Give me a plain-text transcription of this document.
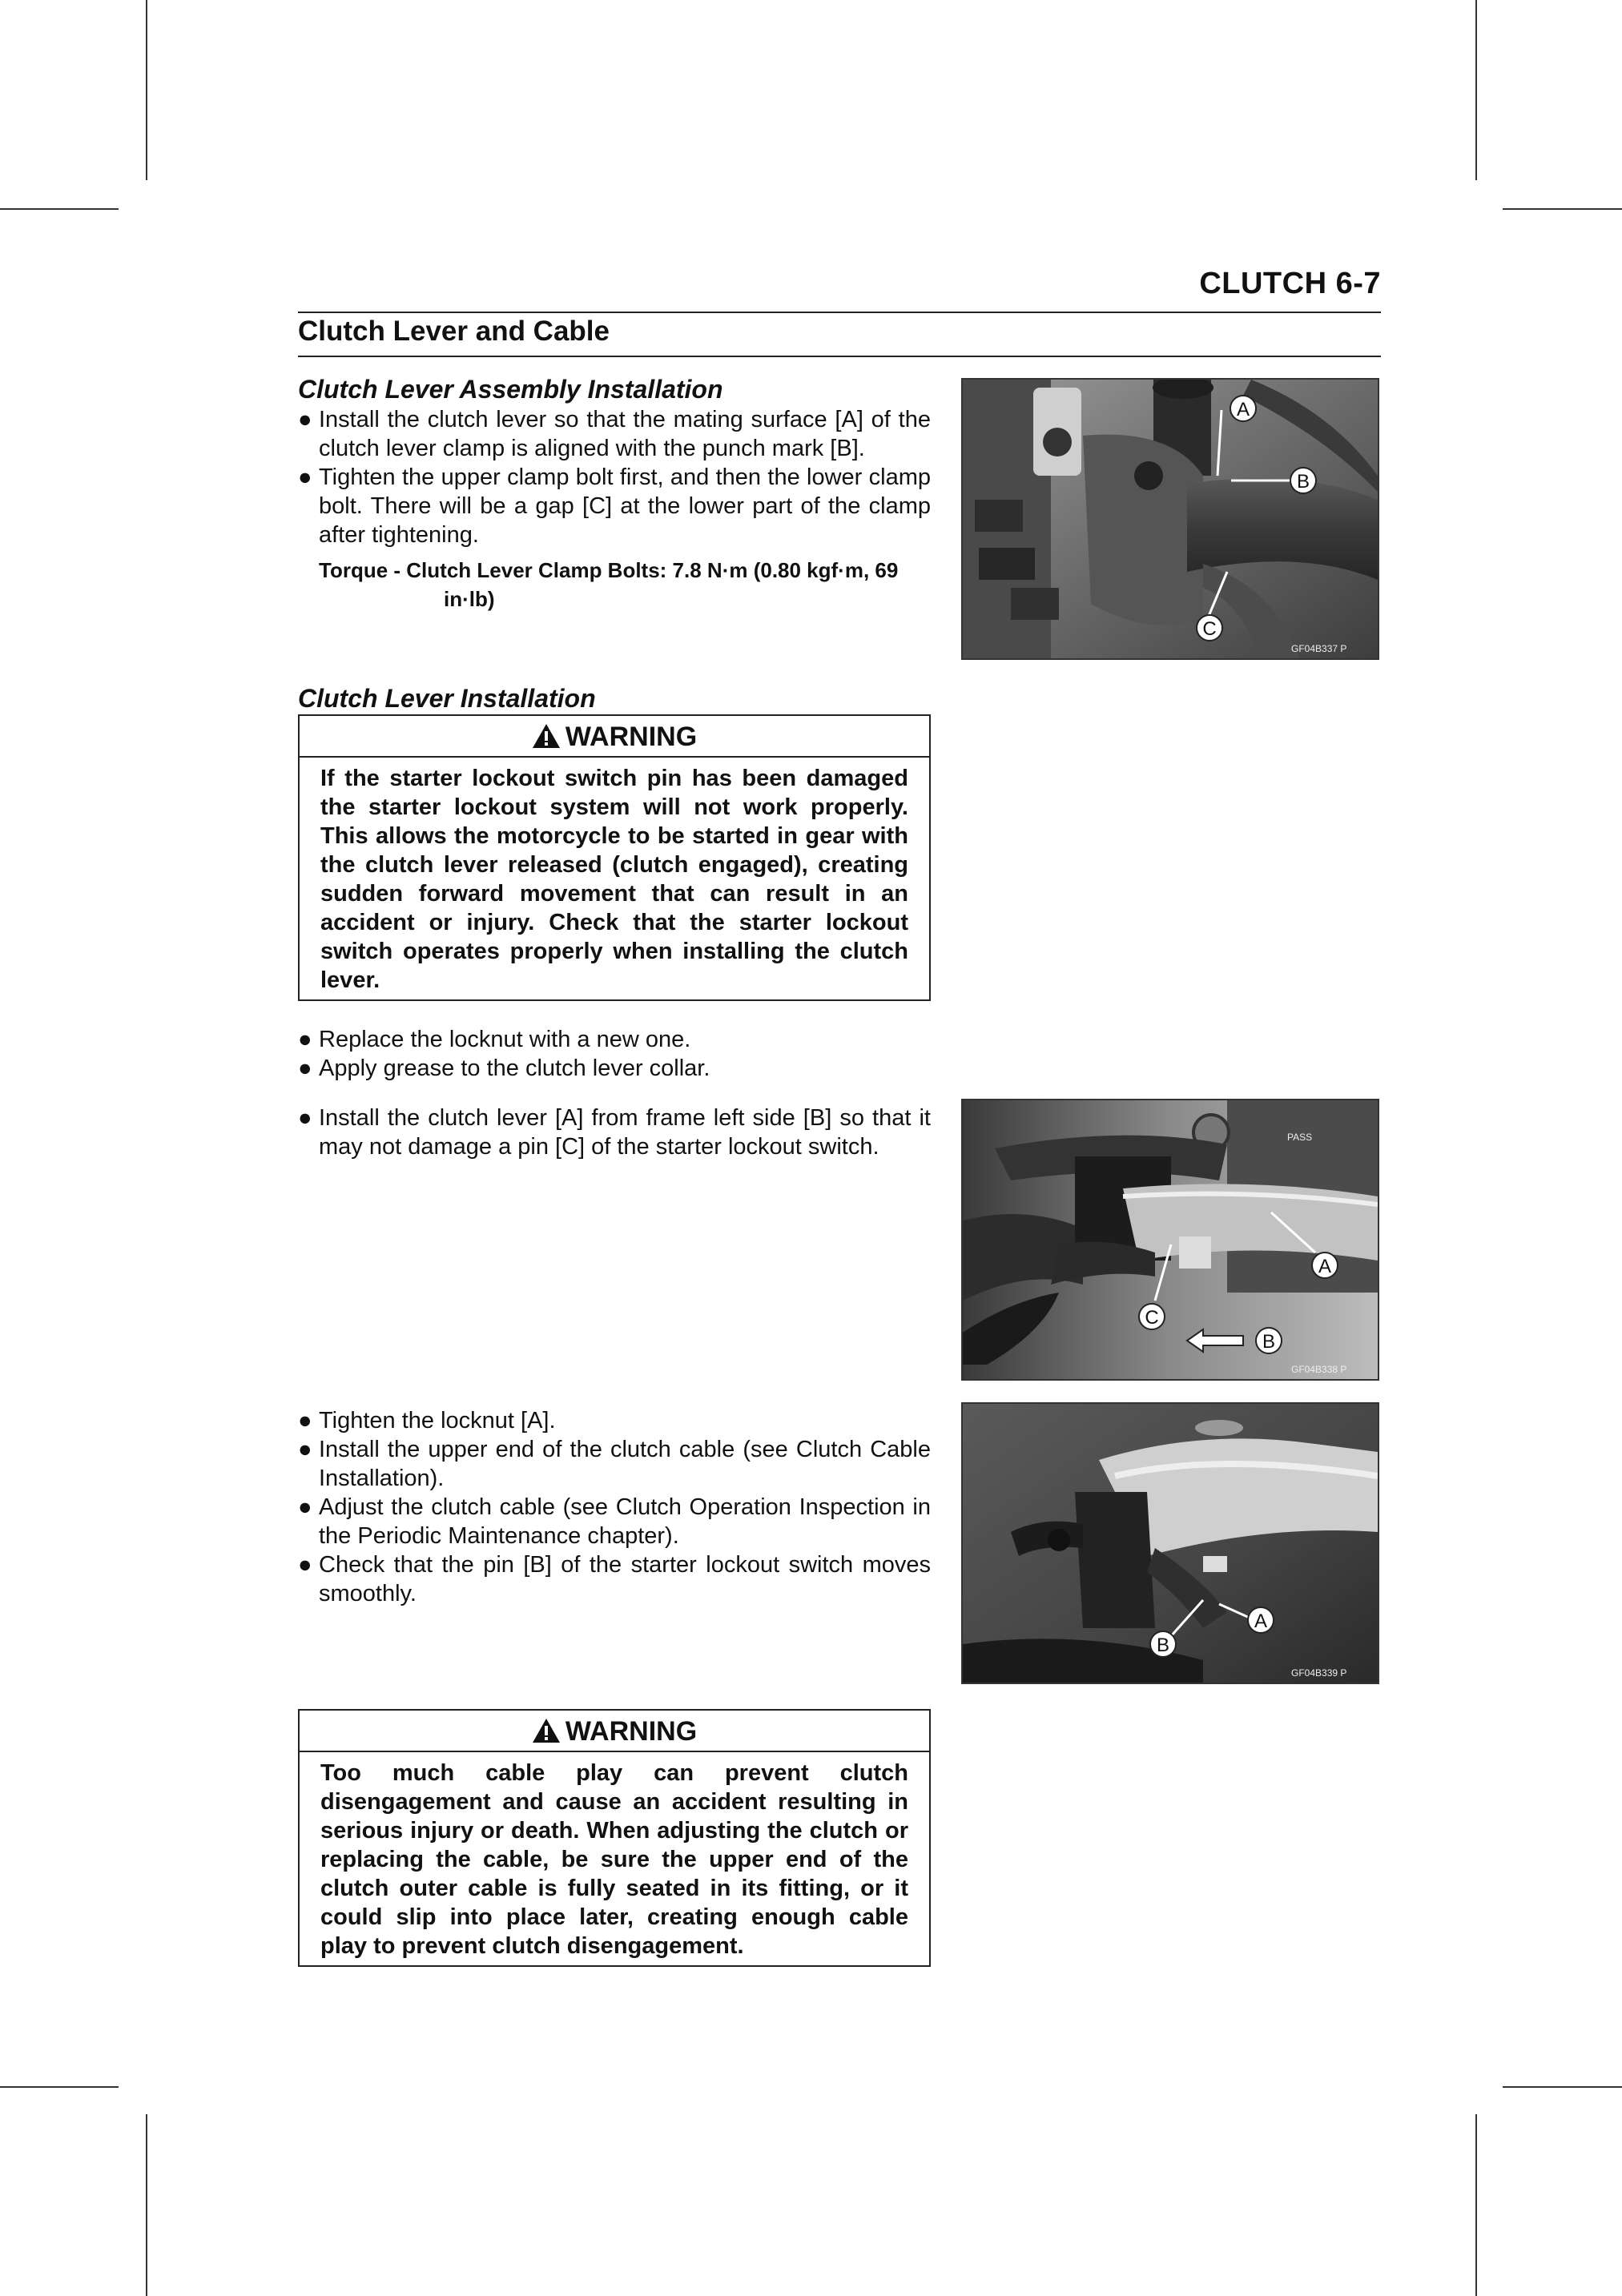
CLUTCH 6-7
Clutch Lever and Cable
Clutch Lever Assembly Installation
● Install the clutch lever so that the mating surface [A] of the clutch lever clamp is aligned with the punch mark [B].
● Tighten the upper clamp bolt first, and then the lower clamp bolt. There will be a gap [C] at the lower part of the clamp after tightening.
Torque - Clutch Lever Clamp Bolts: 7.8 N·m (0.80 kgf·m, 69
in·lb)
Clutch Lever Installation
WARNING
If the starter lockout switch pin has been damaged the starter lockout system will not work properly. This allows the motorcycle to be started in gear with the clutch lever released (clutch engaged), creating sudden forward movement that can result in an accident or injury. Check that the starter lockout switch operates properly when installing the clutch lever.
● Replace the locknut with a new one.
● Apply grease to the clutch lever collar.
● Install the clutch lever [A] from frame left side [B] so that it may not damage a pin [C] of the starter lockout switch.
● Tighten the locknut [A].
● Install the upper end of the clutch cable (see Clutch Cable Installation).
● Adjust the clutch cable (see Clutch Operation Inspection in the Periodic Maintenance chapter).
● Check that the pin [B] of the starter lockout switch moves smoothly.
WARNING
Too much cable play can prevent clutch disengagement and cause an accident resulting in serious injury or death. When adjusting the clutch or replacing the cable, be sure the upper end of the clutch outer cable is fully seated in its fitting, or it could slip into place later, creating enough cable play to prevent clutch disengagement.
A
B
C
GF04B337 P
PASS
A
B
C
GF04B338 P
B
A
GF04B339 P
